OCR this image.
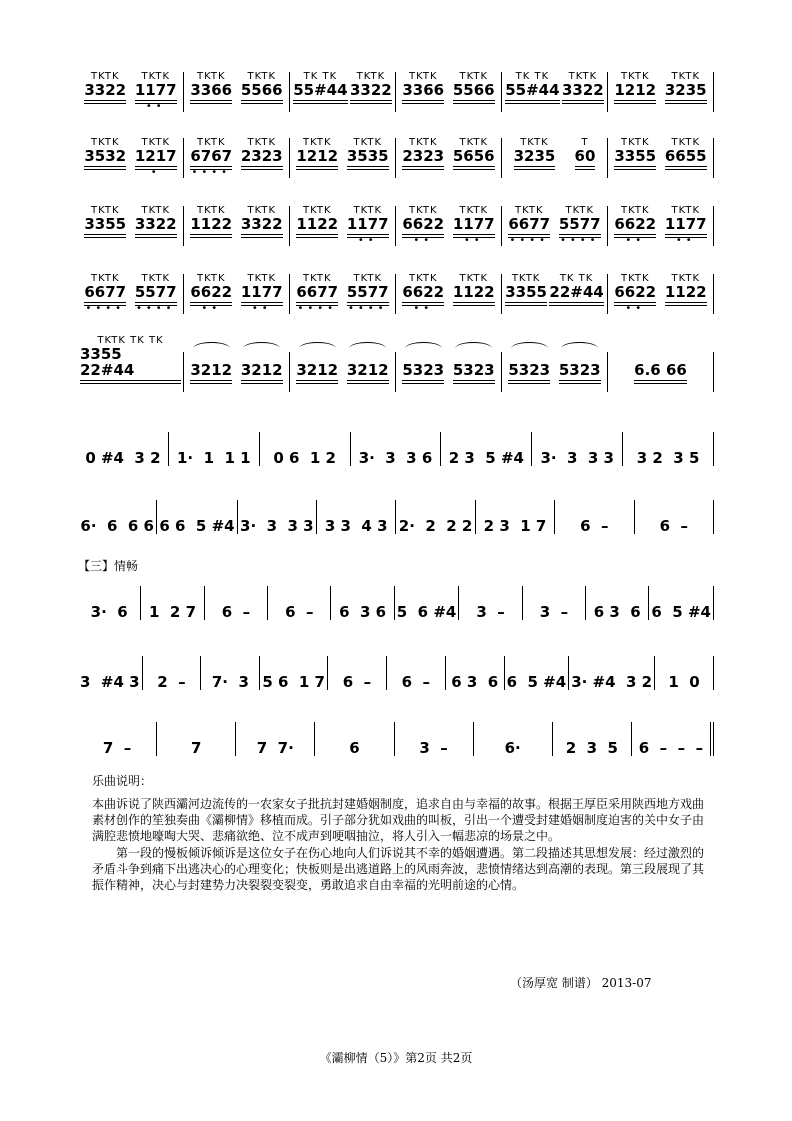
TKTK
3322
TKTK
1177
••
TKTK
3366
TKTK
5566
TK TK
55#44
TKTK
3322
TKTK
3366
TKTK
5566
TK TK
55#44
TKTK
3322
TKTK
1212
TKTK
3235
TKTK
3532
TKTK
1217
•
TKTK
6767
••••
TKTK
2323
TKTK
1212
TKTK
3535
TKTK
2323
TKTK
5656
TKTK
3235
T
60
TKTK
3355
TKTK
6655
TKTK
3355
TKTK
3322
TKTK
1122
TKTK
3322
TKTK
1122
TKTK
1177
••
TKTK
6622
••
TKTK
1177
••
TKTK
6677
••••
TKTK
5577
••••
TKTK
6622
••
TKTK
1177
••
TKTK
6677
••••
TKTK
5577
••••
TKTK
6622
••
TKTK
1177
••
TKTK
6677
••••
TKTK
5577
••••
TKTK
6622
••
TKTK
1122
TKTK
3355
TK TK
22#44
TKTK
6622
••
TKTK
1122
TKTK TK TK
3355 22#44	3212 3212 3212 3212 5323 5323 5323 5323 6.6 66
0 #4  3 2 1·  1  1 1 0 6  1 2 3·  3  3 6 2 3  5 #4 3·  3  3 3 3 2  3 5
6·  6  6 6 6 6  5 #4 3·  3  3 3 3 3  4 3 2·  2  2 2 2 3  1 7 6  –	6  –
3·  6 1  2 7 6  – 6  – 6  3 6 5  6 #4 3  – 3  – 6 3  6 6  5 #4
3  #4 3 2  – 7·  3 5 6  1 7 6  – 6  – 6 3  6 6  5 #4 3· #4  3 2 1  0
7  –	7	7  7·	6	3  –	6·	2  3  5 6  –  –  –
【三】情畅
乐曲说明：

本曲诉说了陕西灞河边流传的一农家女子批抗封建婚姻制度，追求自由与幸福的故事。根据王厚臣采用陕西地方戏曲素材创作的笙独奏曲《灞柳情》移植而成。引子部分犹如戏曲的叫板，引出一个遭受封建婚姻制度迫害的关中女子由满腔悲愤地嚎啕大哭、悲痛欲绝、泣不成声到哽咽抽泣，将人引入一幅悲凉的场景之中。

第一段的慢板倾诉倾诉是这位女子在伤心地向人们诉说其不幸的婚姻遭遇。第二段描述其思想发展：经过激烈的矛盾斗争到痛下出逃决心的心理变化；快板则是出逃道路上的风雨奔波，悲愤情绪达到高潮的表现。第三段展现了其振作精神，决心与封建势力决裂裂变裂变，勇敢追求自由幸福的光明前途的心情。

（汤厚宽 制谱） 2013-07
《灞柳情（5）》第2页 共2页
